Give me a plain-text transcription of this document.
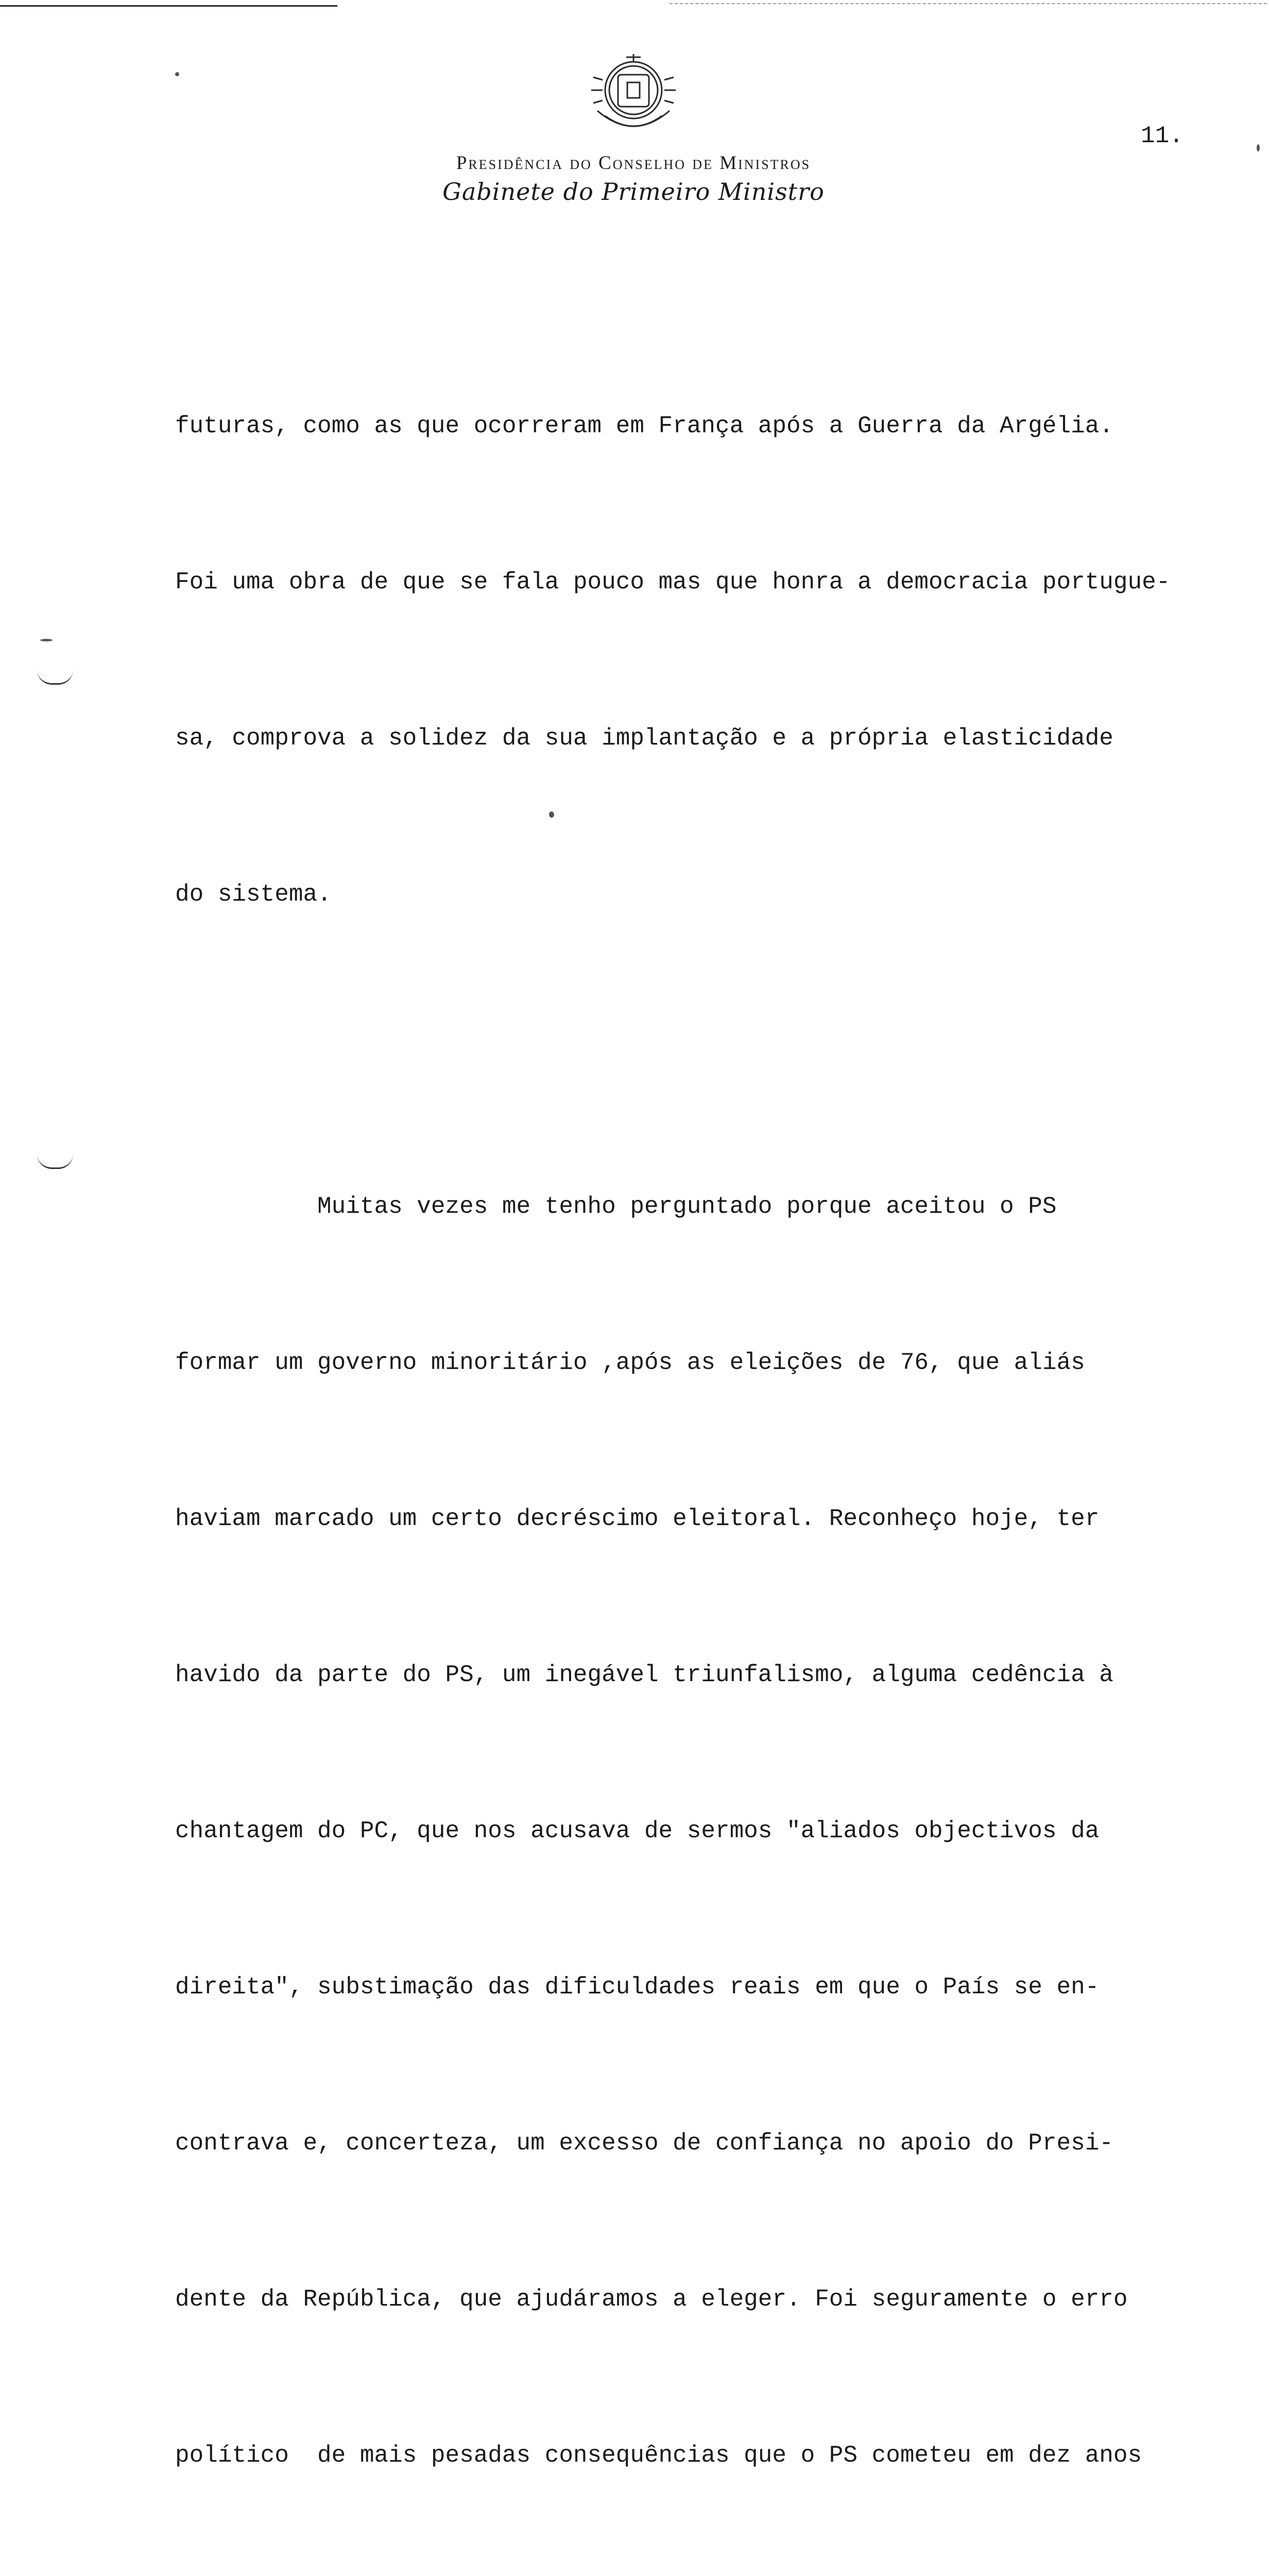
Presidência do Conselho de Ministros
Gabinete do Primeiro Ministro
11.

futuras, como as que ocorreram em França após a Guerra da Argélia.

Foi uma obra de que se fala pouco mas que honra a democracia portugue-

sa, comprova a solidez da sua implantação e a própria elasticidade

do sistema.

Muitas vezes me tenho perguntado porque aceitou o PS

formar um governo minoritário ,após as eleições de 76, que aliás

haviam marcado um certo decréscimo eleitoral. Reconheço hoje, ter

havido da parte do PS, um inegável triunfalismo, alguma cedência à

chantagem do PC, que nos acusava de sermos "aliados objectivos da

direita", substimação das dificuldades reais em que o País se en-

contrava e, concerteza, um excesso de confiança no apoio do Presi-

dente da República, que ajudáramos a eleger. Foi seguramente o erro

político  de mais pesadas consequências que o PS cometeu em dez anos
